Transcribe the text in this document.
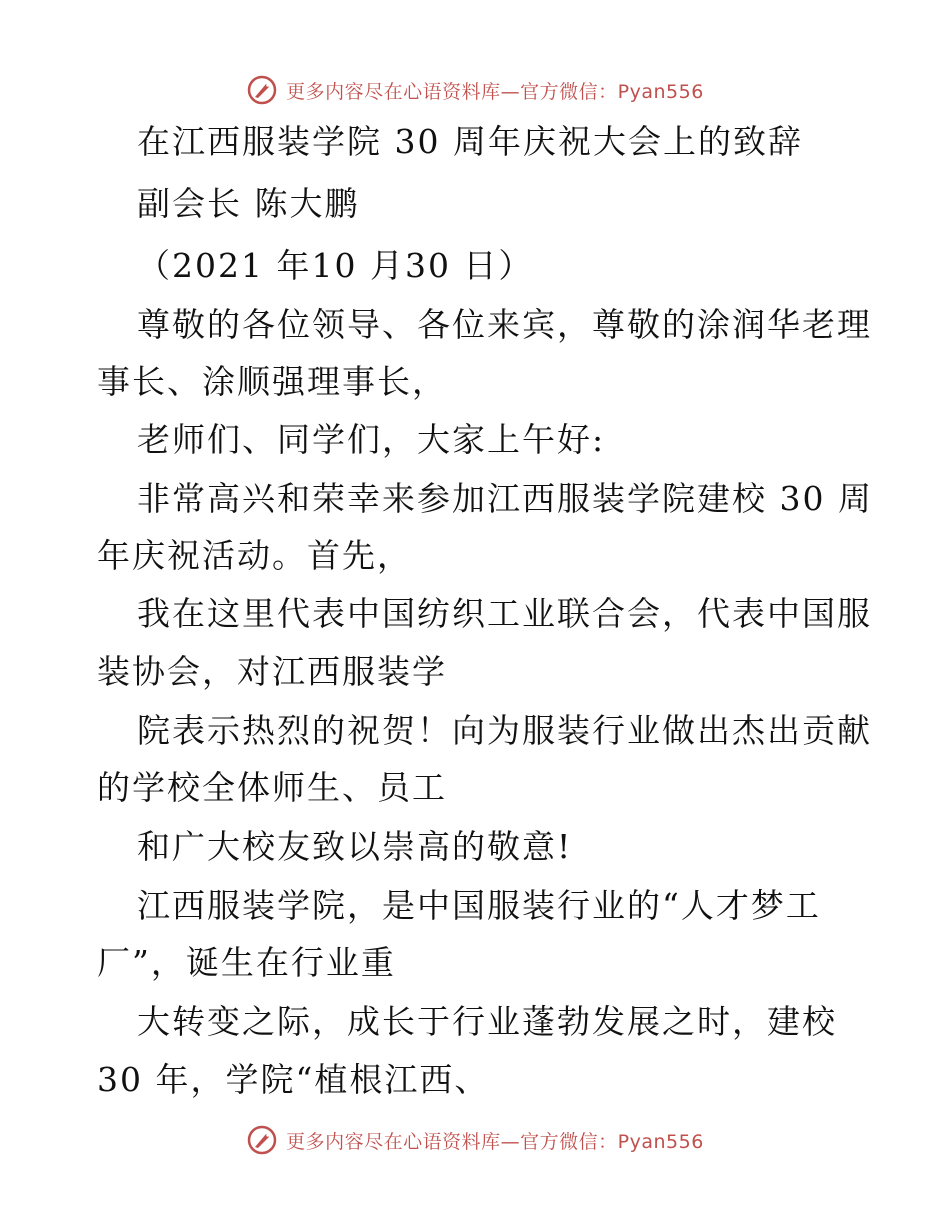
更多内容尽在心语资料库—官方微信：Pyan556
在江西服装学院 30 周年庆祝大会上的致辞
副会长 陈大鹏
（2021 年10 月30 日）
尊敬的各位领导、各位来宾，尊敬的涂润华老理
事长、涂顺强理事长，
老师们、同学们，大家上午好:
非常高兴和荣幸来参加江西服装学院建校 30 周
年庆祝活动。首先，
我在这里代表中国纺织工业联合会，代表中国服
装协会，对江西服装学
院表示热烈的祝贺！向为服装行业做出杰出贡献
的学校全体师生、员工
和广大校友致以崇高的敬意!
江西服装学院，是中国服装行业的“人才梦工
厂”，诞生在行业重
大转变之际，成长于行业蓬勃发展之时，建校
30 年，学院“植根江西、
更多内容尽在心语资料库—官方微信：Pyan556
